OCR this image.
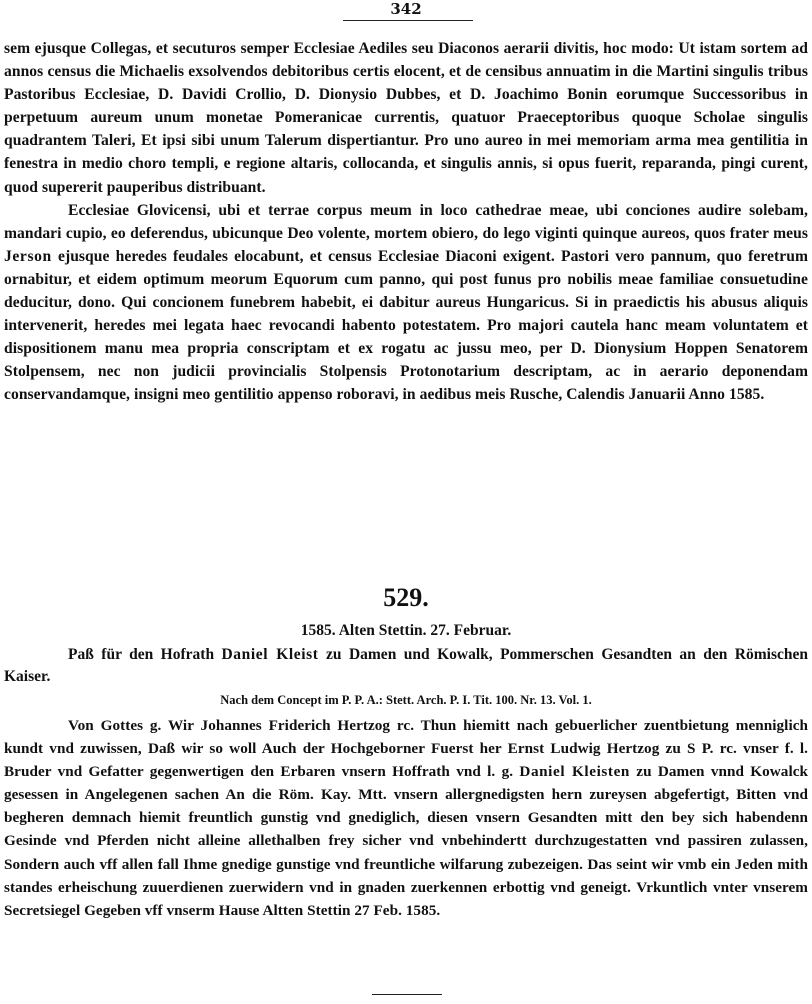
342

sem ejusque Collegas, et secuturos semper Ecclesiae Aediles seu Diaconos aerarii divitis, hoc modo: Ut istam sortem ad annos census die Michaelis exsolvendos debitoribus certis elocent, et de censibus annuatim in die Martini singulis tribus Pastoribus Ecclesiae, D. Davidi Crollio, D. Dionysio Dubbes, et D. Joachimo Bonin eorumque Successoribus in perpetuum aureum unum monetae Pomeranicae currentis, quatuor Praeceptoribus quoque Scholae singulis quadrantem Taleri, Et ipsi sibi unum Talerum dispertiantur. Pro uno aureo in mei memoriam arma mea gentilitia in fenestra in medio choro templi, e regione altaris, collocanda, et singulis annis, si opus fuerit, reparanda, pingi curent, quod supererit pauperibus distribuant.

Ecclesiae Glovicensi, ubi et terrae corpus meum in loco cathedrae meae, ubi conciones audire solebam, mandari cupio, eo deferendus, ubicunque Deo volente, mortem obiero, do lego viginti quinque aureos, quos frater meus Jerson ejusque heredes feudales elocabunt, et census Ecclesiae Diaconi exigent. Pastori vero pannum, quo feretrum ornabitur, et eidem optimum meorum Equorum cum panno, qui post funus pro nobilis meae familiae consuetudine deducitur, dono. Qui concionem funebrem habebit, ei dabitur aureus Hungaricus. Si in praedictis his abusus aliquis intervenerit, heredes mei legata haec revocandi habento potestatem. Pro majori cautela hanc meam voluntatem et dispositionem manu mea propria conscriptam et ex rogatu ac jussu meo, per D. Dionysium Hoppen Senatorem Stolpensem, nec non judicii provincialis Stolpensis Protonotarium descriptam, ac in aerario deponendam conservandamque, insigni meo gentilitio appenso roboravi, in aedibus meis Rusche, Calendis Januarii Anno 1585.

529.
1585. Alten Stettin. 27. Februar.

Paß für den Hofrath Daniel Kleist zu Damen und Kowalk, Pommerschen Gesandten an den Römischen Kaiser.

Nach dem Concept im P. P. A.: Stett. Arch. P. I. Tit. 100. Nr. 13. Vol. 1.

Von Gottes g. Wir Johannes Friderich Hertzog rc. Thun hiemitt nach gebuerlicher zuentbietung menniglich kundt vnd zuwissen, Daß wir so woll Auch der Hochgeborner Fuerst her Ernst Ludwig Hertzog zu S P. rc. vnser f. l. Bruder vnd Gefatter gegenwertigen den Erbaren vnsern Hoffrath vnd l. g. Daniel Kleisten zu Damen vnnd Kowalck gesessen in Angelegenen sachen An die Röm. Kay. Mtt. vnsern allergnedigsten hern zureysen abgefertigt, Bitten vnd begheren demnach hiemit freuntlich gunstig vnd gnediglich, diesen vnsern Gesandten mitt den bey sich habendenn Gesinde vnd Pferden nicht alleine allethalben frey sicher vnd vnbehindertt durchzugestatten vnd passiren zulassen, Sondern auch vff allen fall Ihme gnedige gunstige vnd freuntliche wilfarung zubezeigen. Das seint wir vmb ein Jeden mith standes erheischung zuuerdienen zuerwidern vnd in gnaden zuerkennen erbottig vnd geneigt. Vrkuntlich vnter vnserem Secretsiegel Gegeben vff vnserm Hause Altten Stettin 27 Feb. 1585.
